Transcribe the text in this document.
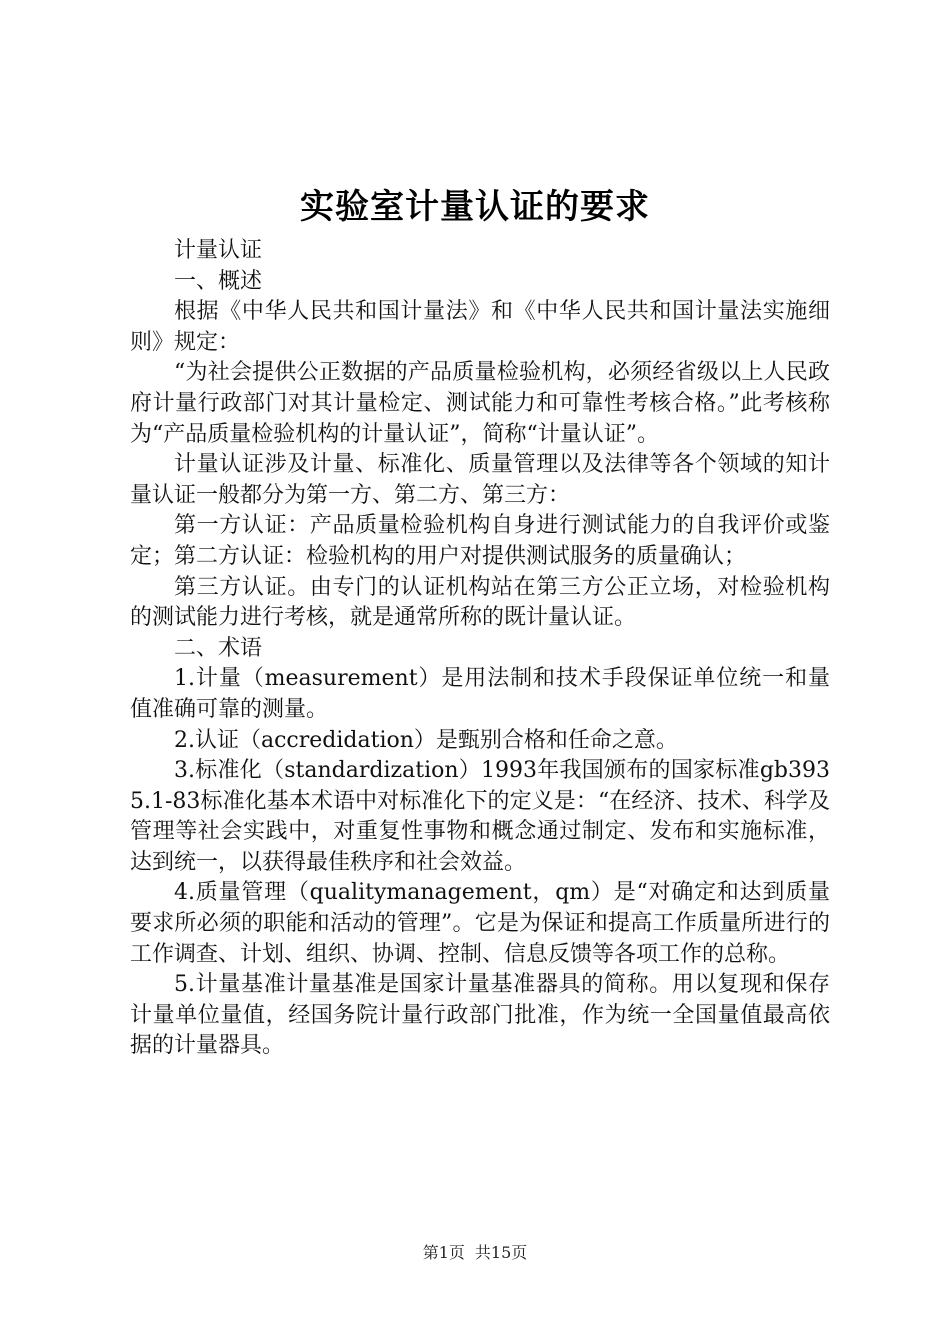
实验室计量认证的要求

计量认证

一、概述

根据《中华人民共和国计量法》和《中华人民共和国计量法实施细则》规定：

“为社会提供公正数据的产品质量检验机构，必须经省级以上人民政府计量行政部门对其计量检定、测试能力和可靠性考核合格。”此考核称为“产品质量检验机构的计量认证”，简称“计量认证”。

计量认证涉及计量、标准化、质量管理以及法律等各个领域的知计量认证一般都分为第一方、第二方、第三方：

第一方认证：产品质量检验机构自身进行测试能力的自我评价或鉴定；第二方认证：检验机构的用户对提供测试服务的质量确认；

第三方认证。由专门的认证机构站在第三方公正立场，对检验机构的测试能力进行考核，就是通常所称的既计量认证。

二、术语

1.计量（measurement）是用法制和技术手段保证单位统一和量值准确可靠的测量。

2.认证（accredidation）是甄别合格和任命之意。

3.标准化（standardization）1993年我国颁布的国家标准gb3935.1-83标准化基本术语中对标准化下的定义是：“在经济、技术、科学及管理等社会实践中，对重复性事物和概念通过制定、发布和实施标准，达到统一，以获得最佳秩序和社会效益。

4.质量管理（qualitymanagement，qm）是“对确定和达到质量要求所必须的职能和活动的管理”。它是为保证和提高工作质量所进行的工作调查、计划、组织、协调、控制、信息反馈等各项工作的总称。

5.计量基准计量基准是国家计量基准器具的简称。用以复现和保存计量单位量值，经国务院计量行政部门批准，作为统一全国量值最高依据的计量器具。

第1页 共15页
